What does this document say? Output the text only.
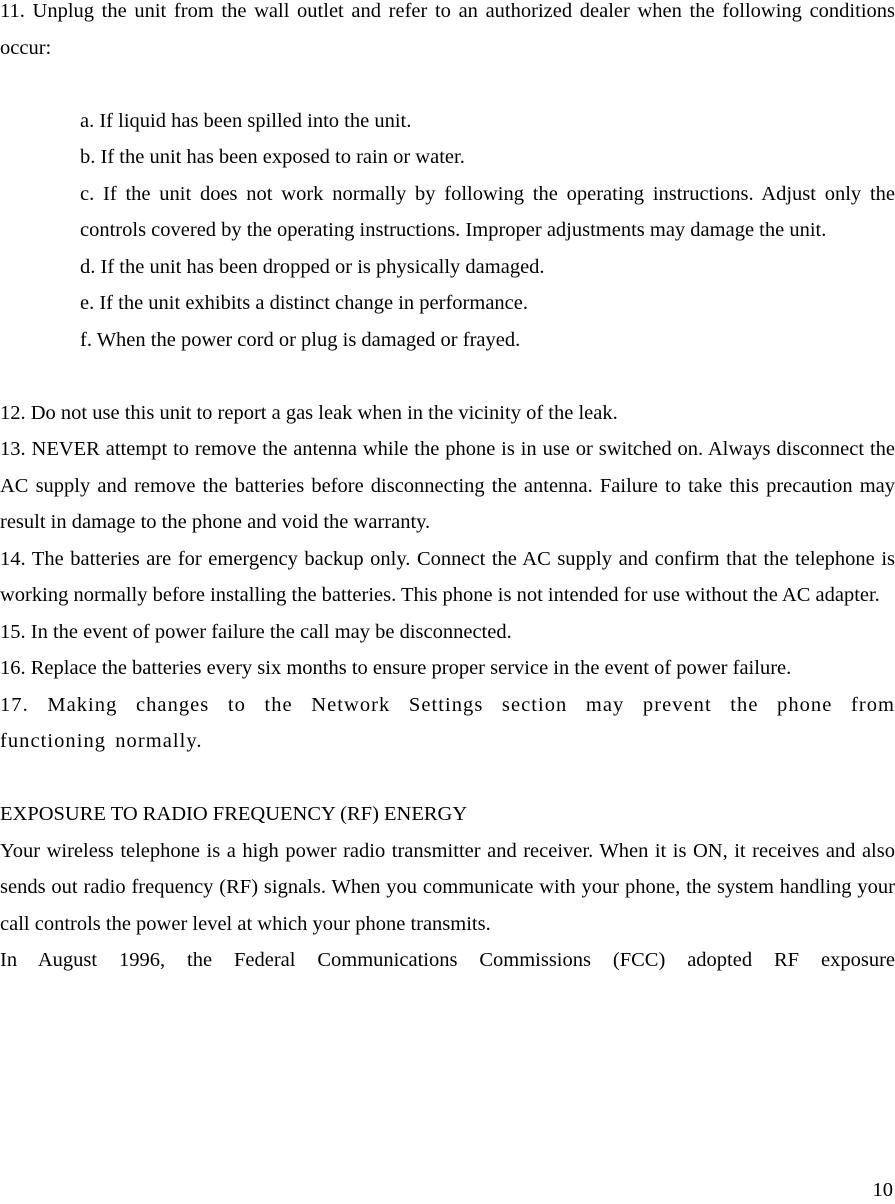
11. Unplug the unit from the wall outlet and refer to an authorized dealer when the following conditions occur:

a. If liquid has been spilled into the unit.

b. If the unit has been exposed to rain or water.

c. If the unit does not work normally by following the operating instructions. Adjust only the controls covered by the operating instructions. Improper adjustments may damage the unit.

d. If the unit has been dropped or is physically damaged.

e. If the unit exhibits a distinct change in performance.

f. When the power cord or plug is damaged or frayed.

12. Do not use this unit to report a gas leak when in the vicinity of the leak.

13. NEVER attempt to remove the antenna while the phone is in use or switched on. Always disconnect the AC supply and remove the batteries before disconnecting the antenna. Failure to take this precaution may result in damage to the phone and void the warranty.

14. The batteries are for emergency backup only. Connect the AC supply and confirm that the telephone is working normally before installing the batteries. This phone is not intended for use without the AC adapter.

15. In the event of power failure the call may be disconnected.

16. Replace the batteries every six months to ensure proper service in the event of power failure.

17. Making changes to the Network Settings section may prevent the phone from functioning normally.

EXPOSURE TO RADIO FREQUENCY (RF) ENERGY

Your wireless telephone is a high power radio transmitter and receiver. When it is ON, it receives and also sends out radio frequency (RF) signals. When you communicate with your phone, the system handling your call controls the power level at which your phone transmits.

In August 1996, the Federal Communications Commissions (FCC) adopted RF exposure

10
